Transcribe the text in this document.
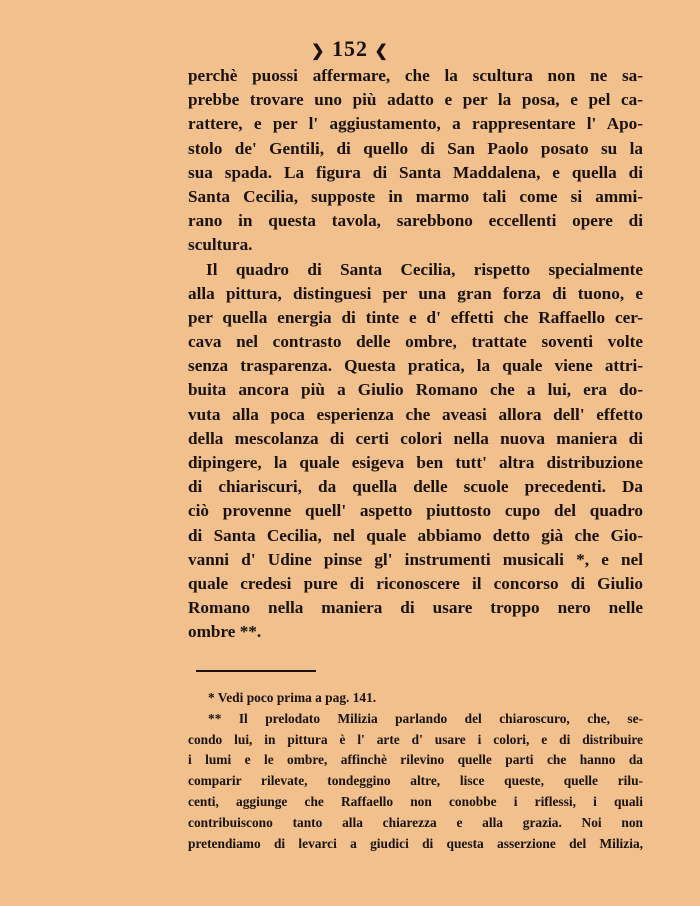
❯ 152 ❮
perchè puossi affermare, che la scultura non ne sa-
prebbe trovare uno più adatto e per la posa, e pel ca-
rattere, e per l' aggiustamento, a rappresentare l' Apo-
stolo de' Gentili, di quello di San Paolo posato su la
sua spada. La figura di Santa Maddalena, e quella di
Santa Cecilia, supposte in marmo tali come si ammi-
rano in questa tavola, sarebbono eccellenti opere di
scultura.
Il quadro di Santa Cecilia, rispetto specialmente
alla pittura, distinguesi per una gran forza di tuono, e
per quella energia di tinte e d' effetti che Raffaello cer-
cava nel contrasto delle ombre, trattate soventi volte
senza trasparenza. Questa pratica, la quale viene attri-
buita ancora più a Giulio Romano che a lui, era do-
vuta alla poca esperienza che aveasi allora dell' effetto
della mescolanza di certi colori nella nuova maniera di
dipingere, la quale esigeva ben tutt' altra distribuzione
di chiariscuri, da quella delle scuole precedenti. Da
ciò provenne quell' aspetto piuttosto cupo del quadro
di Santa Cecilia, nel quale abbiamo detto già che Gio-
vanni d' Udine pinse gl' instrumenti musicali *, e nel
quale credesi pure di riconoscere il concorso di Giulio
Romano nella maniera di usare troppo nero nelle
ombre **.
* Vedi poco prima a pag. 141.
** Il prelodato Milizia parlando del chiaroscuro, che, se-
condo lui, in pittura è l' arte d' usare i colori, e di distribuire
i lumi e le ombre, affinchè rilevino quelle parti che hanno da
comparir rilevate, tondeggino altre, lisce queste, quelle rilu-
centi, aggiunge che Raffaello non conobbe i riflessi, i quali
contribuiscono tanto alla chiarezza e alla grazia. Noi non
pretendiamo di levarci a giudici di questa asserzione del Milizia,
